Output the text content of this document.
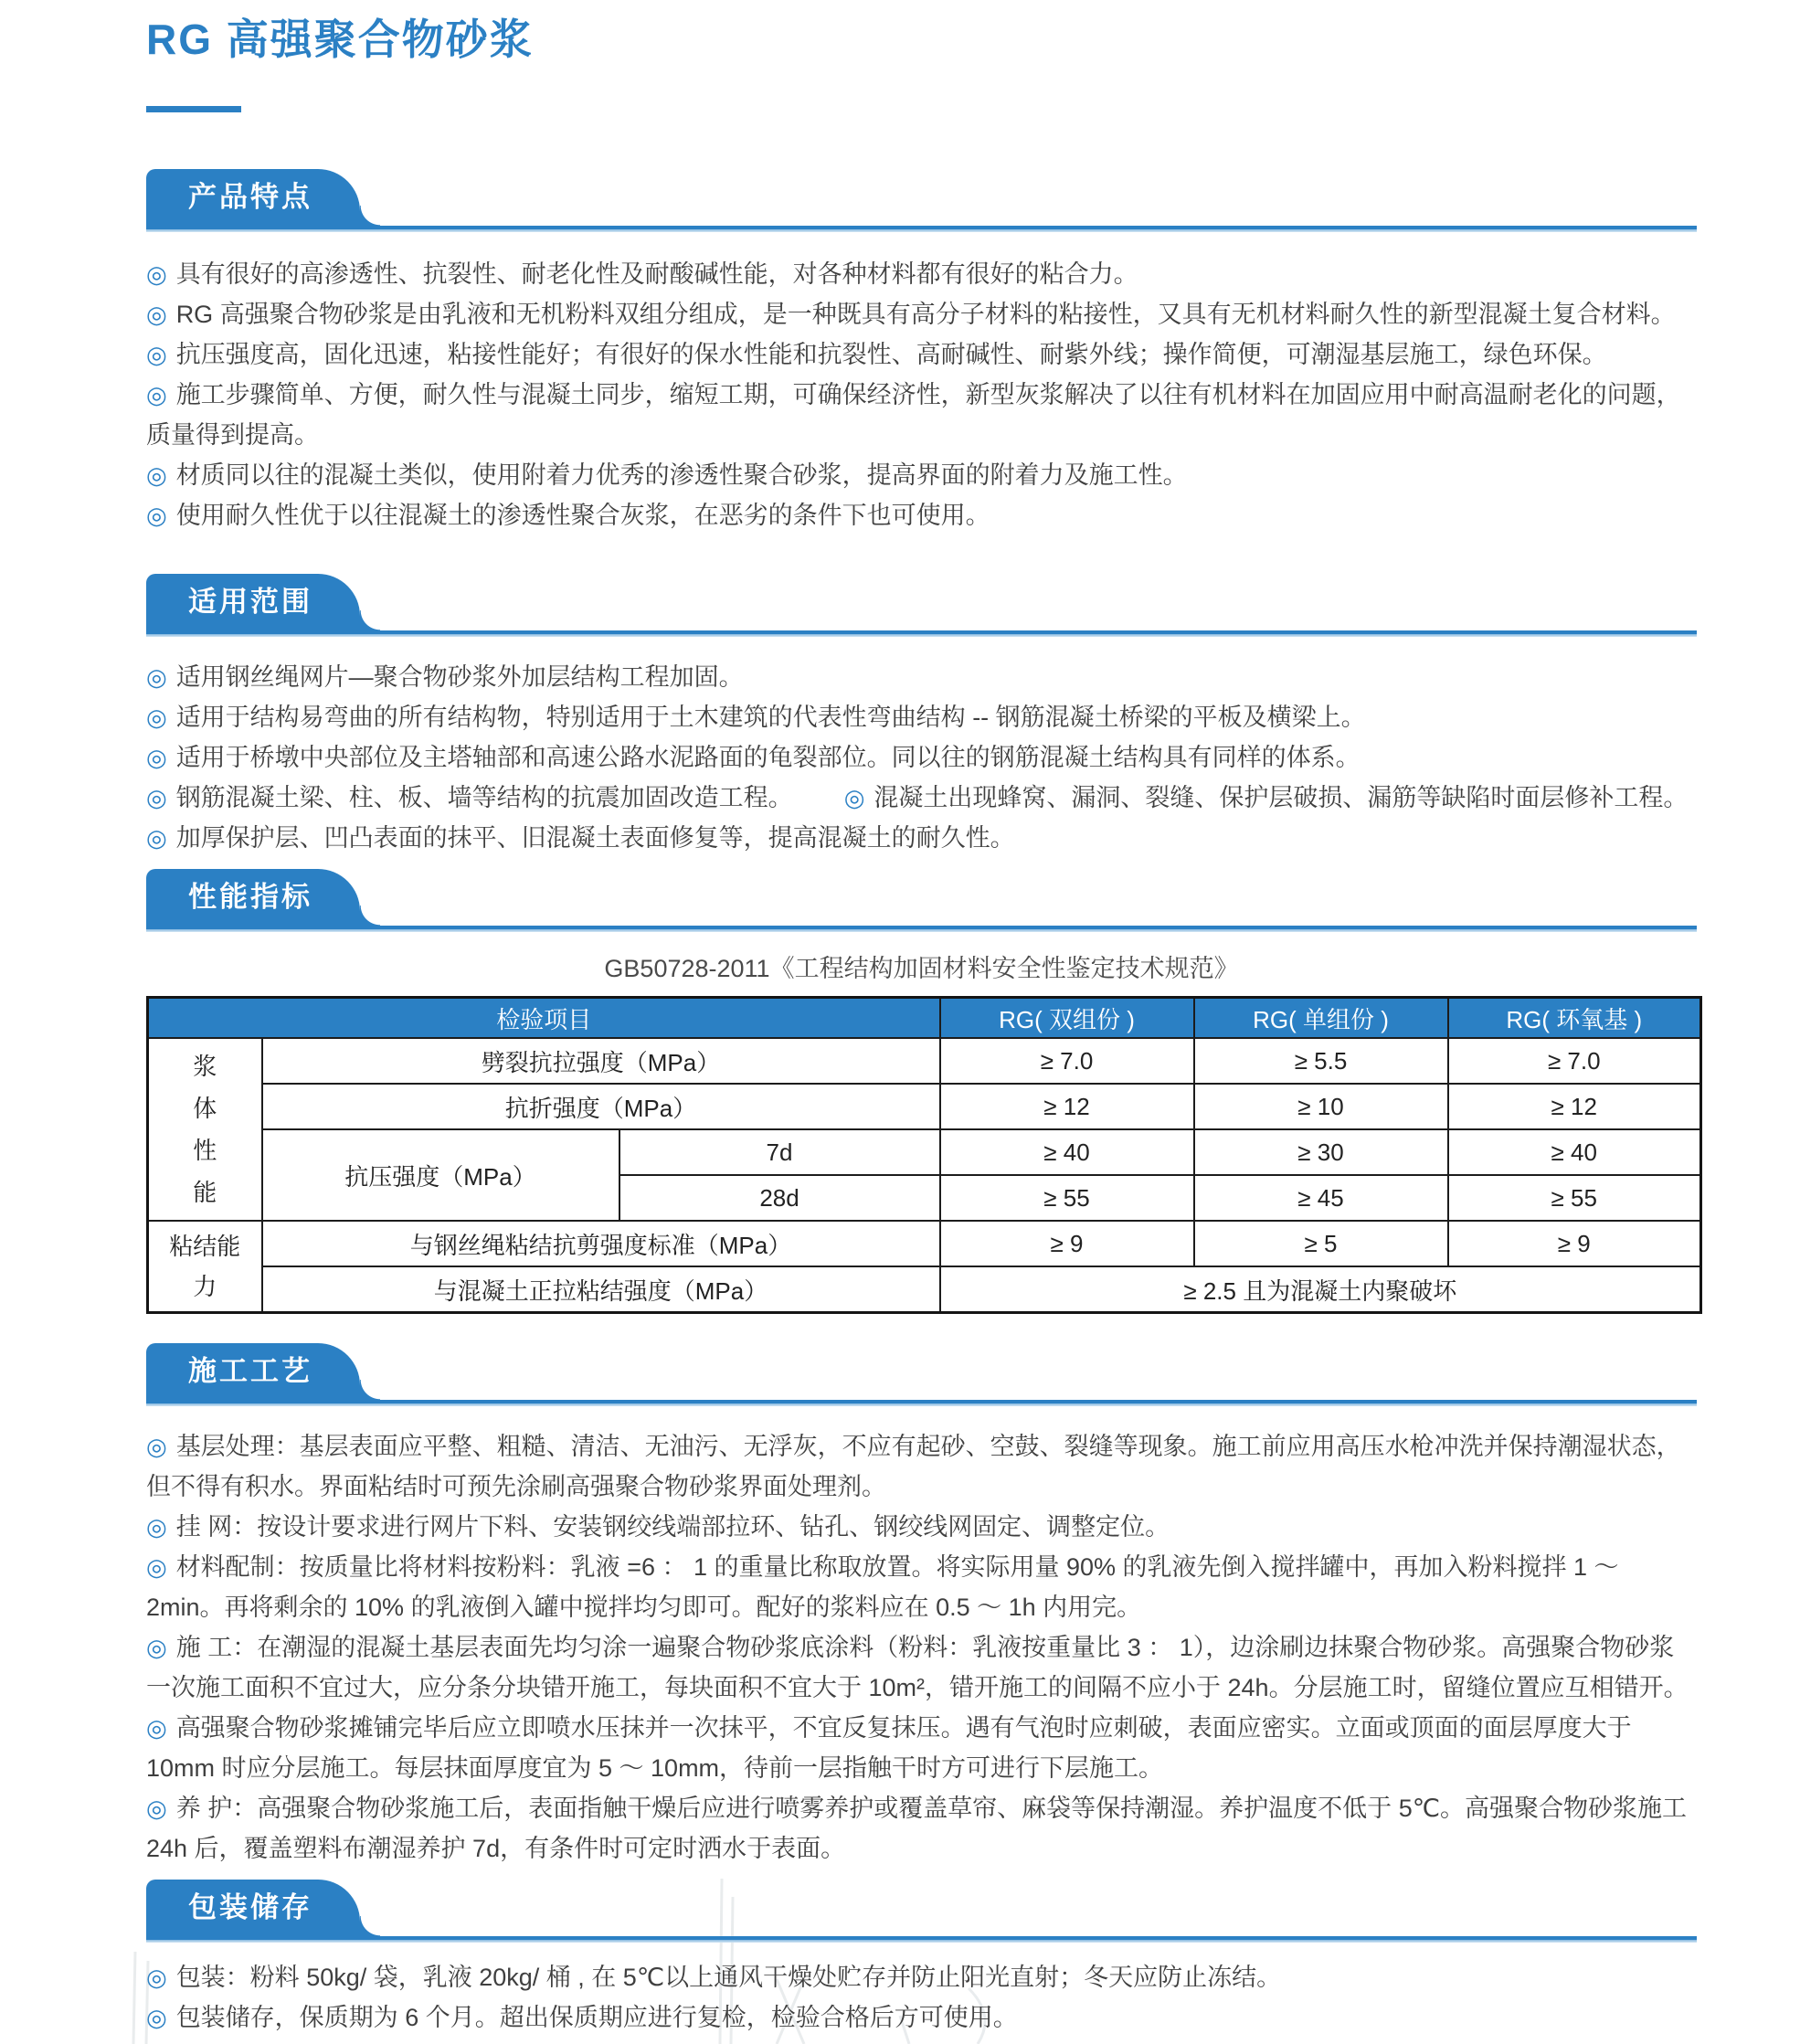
RG 高强聚合物砂浆
产品特点

◎ 具有很好的高渗透性、抗裂性、耐老化性及耐酸碱性能，对各种材料都有很好的粘合力。

◎ RG 高强聚合物砂浆是由乳液和无机粉料双组分组成，是一种既具有高分子材料的粘接性，又具有无机材料耐久性的新型混凝土复合材料。

◎ 抗压强度高，固化迅速，粘接性能好；有很好的保水性能和抗裂性、高耐碱性、耐紫外线；操作简便，可潮湿基层施工，绿色环保。

◎ 施工步骤简单、方便，耐久性与混凝土同步，缩短工期，可确保经济性，新型灰浆解决了以往有机材料在加固应用中耐高温耐老化的问题，质量得到提高。

◎ 材质同以往的混凝土类似，使用附着力优秀的渗透性聚合砂浆，提高界面的附着力及施工性。

◎ 使用耐久性优于以往混凝土的渗透性聚合灰浆，在恶劣的条件下也可使用。

适用范围

◎ 适用钢丝绳网片—聚合物砂浆外加层结构工程加固。

◎ 适用于结构易弯曲的所有结构物，特别适用于土木建筑的代表性弯曲结构 -- 钢筋混凝土桥梁的平板及横梁上。

◎ 适用于桥墩中央部位及主塔轴部和高速公路水泥路面的龟裂部位。同以往的钢筋混凝土结构具有同样的体系。

◎ 钢筋混凝土梁、柱、板、墙等结构的抗震加固改造工程。 ◎ 混凝土出现蜂窝、漏洞、裂缝、保护层破损、漏筋等缺陷时面层修补工程。

◎ 加厚保护层、凹凸表面的抹平、旧混凝土表面修复等，提高混凝土的耐久性。

性能指标
GB50728-2011《工程结构加固材料安全性鉴定技术规范》
检验项目			RG( 双组份 )	RG( 单组份 )	RG( 环氧基 )
浆体性能	劈裂抗拉强度（MPa）		≥ 7.0	≥ 5.5	≥ 7.0
	抗折强度（MPa）		≥ 12	≥ 10	≥ 12
	抗压强度（MPa）	7d	≥ 40	≥ 30	≥ 40
		28d	≥ 55	≥ 45	≥ 55
粘结能力	与钢丝绳粘结抗剪强度标准（MPa）		≥ 9	≥ 5	≥ 9
	与混凝土正拉粘结强度（MPa）		≥ 2.5 且为混凝土内聚破坏		
施工工艺

◎ 基层处理：基层表面应平整、粗糙、清洁、无油污、无浮灰，不应有起砂、空鼓、裂缝等现象。施工前应用高压水枪冲洗并保持潮湿状态，但不得有积水。界面粘结时可预先涂刷高强聚合物砂浆界面处理剂。

◎ 挂 网：按设计要求进行网片下料、安装钢绞线端部拉环、钻孔、钢绞线网固定、调整定位。

◎ 材料配制：按质量比将材料按粉料：乳液 =6 ： 1 的重量比称取放置。将实际用量 90% 的乳液先倒入搅拌罐中，再加入粉料搅拌 1 ～ 2min。再将剩余的 10% 的乳液倒入罐中搅拌均匀即可。配好的浆料应在 0.5 ～ 1h 内用完。

◎ 施 工：在潮湿的混凝土基层表面先均匀涂一遍聚合物砂浆底涂料（粉料：乳液按重量比 3 ： 1），边涂刷边抹聚合物砂浆。高强聚合物砂浆一次施工面积不宜过大，应分条分块错开施工，每块面积不宜大于 10m²，错开施工的间隔不应小于 24h。分层施工时，留缝位置应互相错开。

◎ 高强聚合物砂浆摊铺完毕后应立即喷水压抹并一次抹平，不宜反复抹压。遇有气泡时应刺破，表面应密实。立面或顶面的面层厚度大于 10mm 时应分层施工。每层抹面厚度宜为 5 ～ 10mm，待前一层指触干时方可进行下层施工。

◎ 养 护：高强聚合物砂浆施工后，表面指触干燥后应进行喷雾养护或覆盖草帘、麻袋等保持潮湿。养护温度不低于 5℃。高强聚合物砂浆施工 24h 后，覆盖塑料布潮湿养护 7d，有条件时可定时洒水于表面。

包装储存

◎ 包装：粉料 50kg/ 袋，乳液 20kg/ 桶 , 在 5℃以上通风干燥处贮存并防止阳光直射；冬天应防止冻结。

◎ 包装储存，保质期为 6 个月。超出保质期应进行复检，检验合格后方可使用。
